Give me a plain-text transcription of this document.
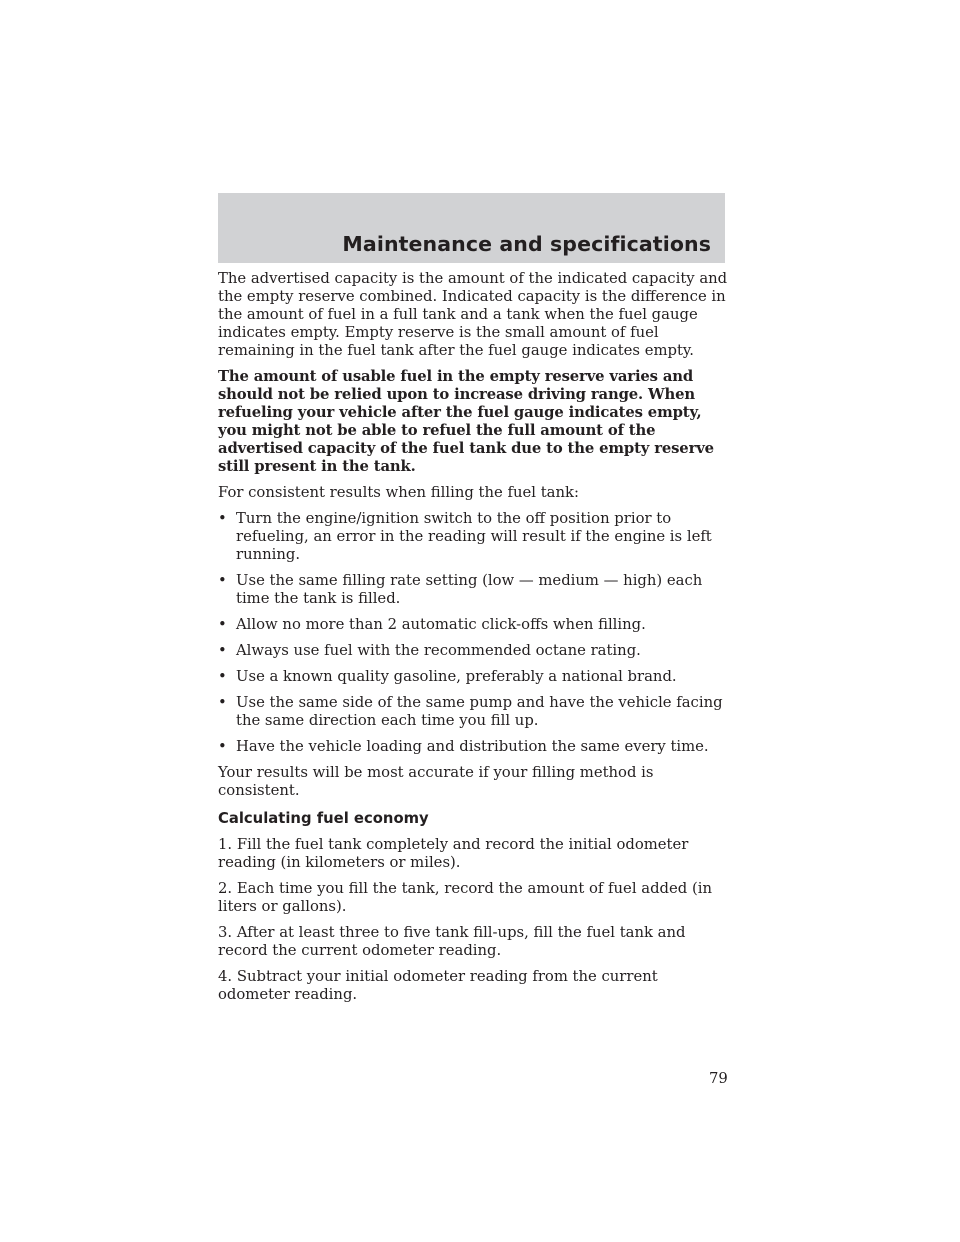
Maintenance and specifications

The advertised capacity is the amount of the indicated capacity and the empty reserve combined. Indicated capacity is the difference in the amount of fuel in a full tank and a tank when the fuel gauge indicates empty. Empty reserve is the small amount of fuel remaining in the fuel tank after the fuel gauge indicates empty.

The amount of usable fuel in the empty reserve varies and should not be relied upon to increase driving range. When refueling your vehicle after the fuel gauge indicates empty, you might not be able to refuel the full amount of the advertised capacity of the fuel tank due to the empty reserve still present in the tank.

For consistent results when filling the fuel tank:

• Turn the engine/ignition switch to the off position prior to refueling, an error in the reading will result if the engine is left running.
• Use the same filling rate setting (low — medium — high) each time the tank is filled.
• Allow no more than 2 automatic click-offs when filling.
• Always use fuel with the recommended octane rating.
• Use a known quality gasoline, preferably a national brand.
• Use the same side of the same pump and have the vehicle facing the same direction each time you fill up.
• Have the vehicle loading and distribution the same every time.

Your results will be most accurate if your filling method is consistent.

Calculating fuel economy

1. Fill the fuel tank completely and record the initial odometer reading (in kilometers or miles).

2. Each time you fill the tank, record the amount of fuel added (in liters or gallons).

3. After at least three to five tank fill-ups, fill the fuel tank and record the current odometer reading.

4. Subtract your initial odometer reading from the current odometer reading.

79
